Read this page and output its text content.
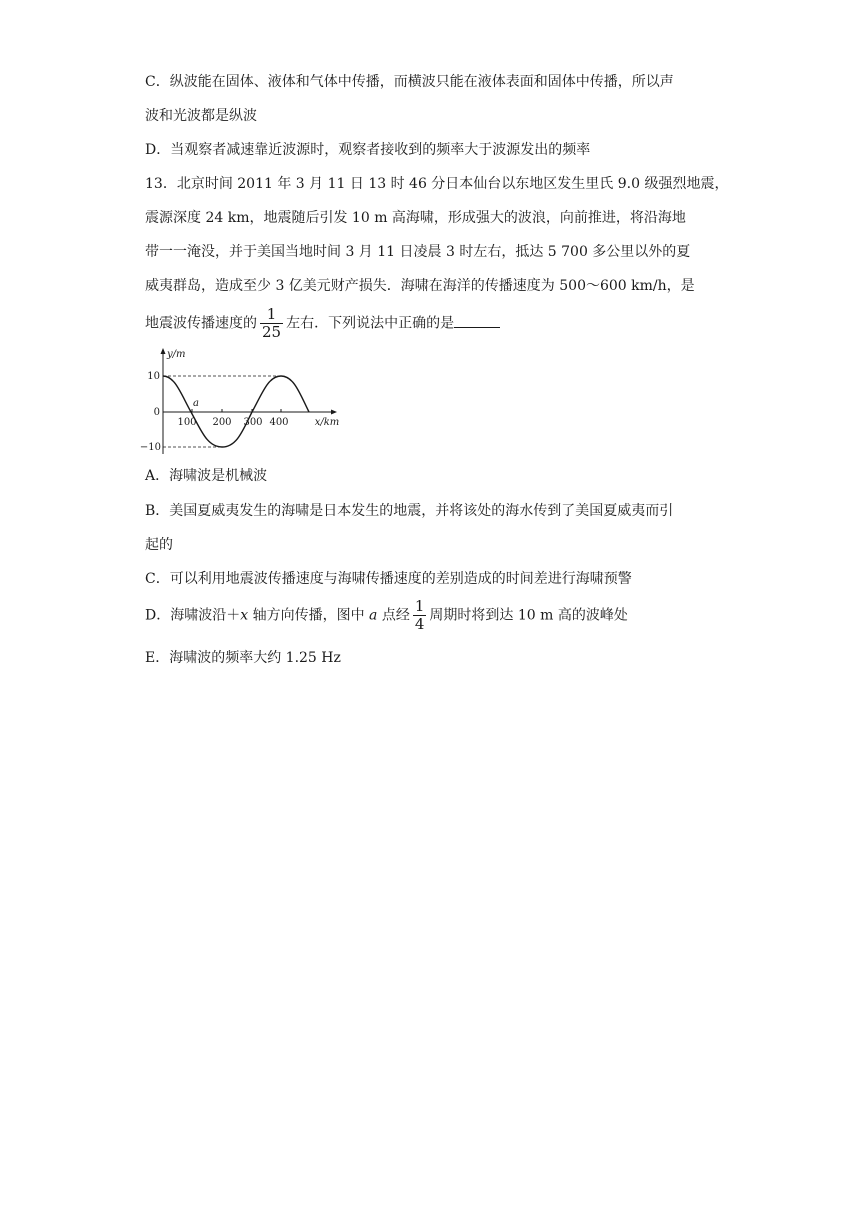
C．纵波能在固体、液体和气体中传播，而横波只能在液体表面和固体中传播，所以声
波和光波都是纵波
D．当观察者减速靠近波源时，观察者接收到的频率大于波源发出的频率
13．北京时间 2011 年 3 月 11 日 13 时 46 分日本仙台以东地区发生里氏 9.0 级强烈地震，
震源深度 24 km，地震随后引发 10 m 高海啸，形成强大的波浪，向前推进，将沿海地
带一一淹没，并于美国当地时间 3 月 11 日凌晨 3 时左右，抵达 5 700 多公里以外的夏
威夷群岛，造成至少 3 亿美元财产损失．海啸在海洋的传播速度为 500～600 km/h，是
地震波传播速度的 $\frac{1}{25}$ 左右．下列说法中正确的是
y/m
x/km
10
0
−10
100 200 300 400
a
A．海啸波是机械波
B．美国夏威夷发生的海啸是日本发生的地震，并将该处的海水传到了美国夏威夷而引
起的
C．可以利用地震波传播速度与海啸传播速度的差别造成的时间差进行海啸预警
D．海啸波沿＋x 轴方向传播，图中 a 点经 $\frac{1}{4}$ 周期时将到达 10 m 高的波峰处
E．海啸波的频率大约 1.25 Hz
